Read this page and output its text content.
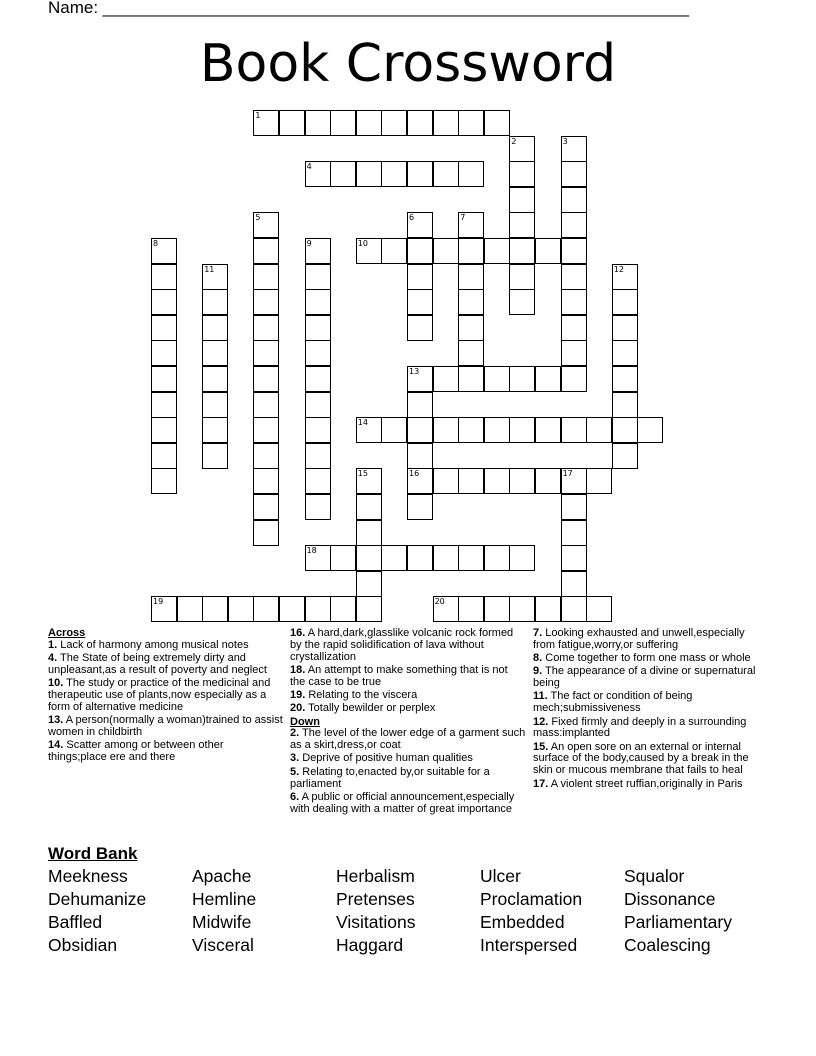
Name: ______________________________________________________________
Book Crossword
1
2	3
4
5	6	7
8	9	10
11	12
13
14
15	16	17
18
19	20
Across

1. Lack of harmony among musical notes

4. The State of being extremely dirty and unpleasant,as a result of poverty and neglect

10. The study or practice of the medicinal and therapeutic use of plants,now especially as a form of alternative medicine

13. A person(normally a woman)trained to assist women in childbirth

14. Scatter among or between other things;place ere and there

16. A hard,dark,glasslike volcanic rock formed by the rapid solidification of lava without crystallization

18. An attempt to make something that is not the case to be true

19. Relating to the viscera

20. Totally bewilder or perplex

Down

2. The level of the lower edge of a garment such as a skirt,dress,or coat

3. Deprive of positive human qualities

5. Relating to,enacted by,or suitable for a parliament

6. A public or official announcement,especially with dealing with a matter of great importance

7. Looking exhausted and unwell,especially from fatigue,worry,or suffering

8. Come together to form one mass or whole

9. The appearance of a divine or supernatural being

11. The fact or condition of being mech;submissiveness

12. Fixed firmly and deeply in a surrounding mass:implanted

15. An open sore on an external or internal surface of the body,caused by a break in the skin or mucous membrane that fails to heal

17. A violent street ruffian,originally in Paris

Word Bank
Meekness	Apache	Herbalism	Ulcer	Squalor
Dehumanize	Hemline	Pretenses	Proclamation Dissonance
Baffled	Midwife	Visitations	Embedded	Parliamentary
Obsidian	Visceral	Haggard	Interspersed	Coalescing
